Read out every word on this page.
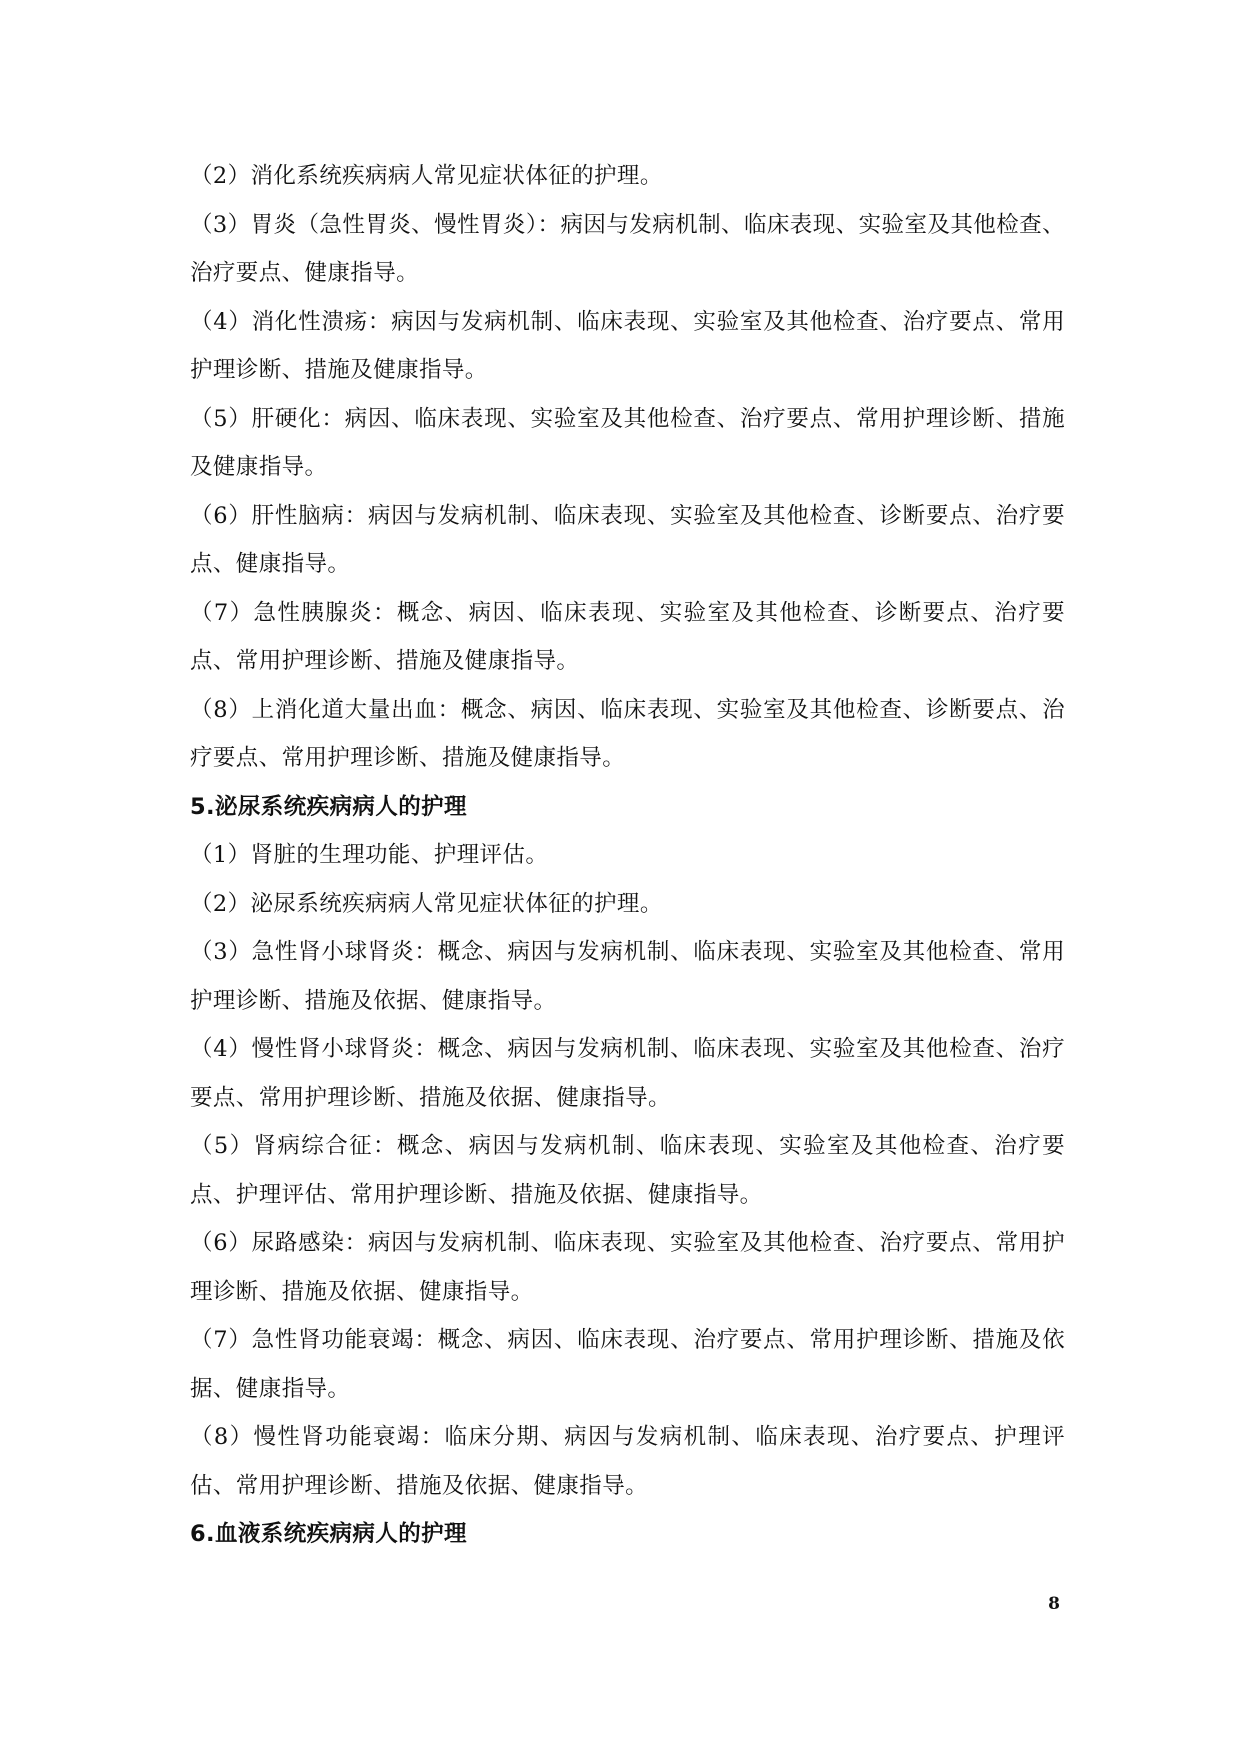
（2）消化系统疾病病人常见症状体征的护理。

（3）胃炎（急性胃炎、慢性胃炎）：病因与发病机制、临床表现、实验室及其他检查、治疗要点、健康指导。

（4）消化性溃疡：病因与发病机制、临床表现、实验室及其他检查、治疗要点、常用护理诊断、措施及健康指导。

（5）肝硬化：病因、临床表现、实验室及其他检查、治疗要点、常用护理诊断、措施及健康指导。

（6）肝性脑病：病因与发病机制、临床表现、实验室及其他检查、诊断要点、治疗要点、健康指导。

（7）急性胰腺炎：概念、病因、临床表现、实验室及其他检查、诊断要点、治疗要点、常用护理诊断、措施及健康指导。

（8）上消化道大量出血：概念、病因、临床表现、实验室及其他检查、诊断要点、治疗要点、常用护理诊断、措施及健康指导。

5.泌尿系统疾病病人的护理

（1）肾脏的生理功能、护理评估。

（2）泌尿系统疾病病人常见症状体征的护理。

（3）急性肾小球肾炎：概念、病因与发病机制、临床表现、实验室及其他检查、常用护理诊断、措施及依据、健康指导。

（4）慢性肾小球肾炎：概念、病因与发病机制、临床表现、实验室及其他检查、治疗要点、常用护理诊断、措施及依据、健康指导。

（5）肾病综合征：概念、病因与发病机制、临床表现、实验室及其他检查、治疗要点、护理评估、常用护理诊断、措施及依据、健康指导。

（6）尿路感染：病因与发病机制、临床表现、实验室及其他检查、治疗要点、常用护理诊断、措施及依据、健康指导。

（7）急性肾功能衰竭：概念、病因、临床表现、治疗要点、常用护理诊断、措施及依据、健康指导。

（8）慢性肾功能衰竭：临床分期、病因与发病机制、临床表现、治疗要点、护理评估、常用护理诊断、措施及依据、健康指导。

6.血液系统疾病病人的护理
8
